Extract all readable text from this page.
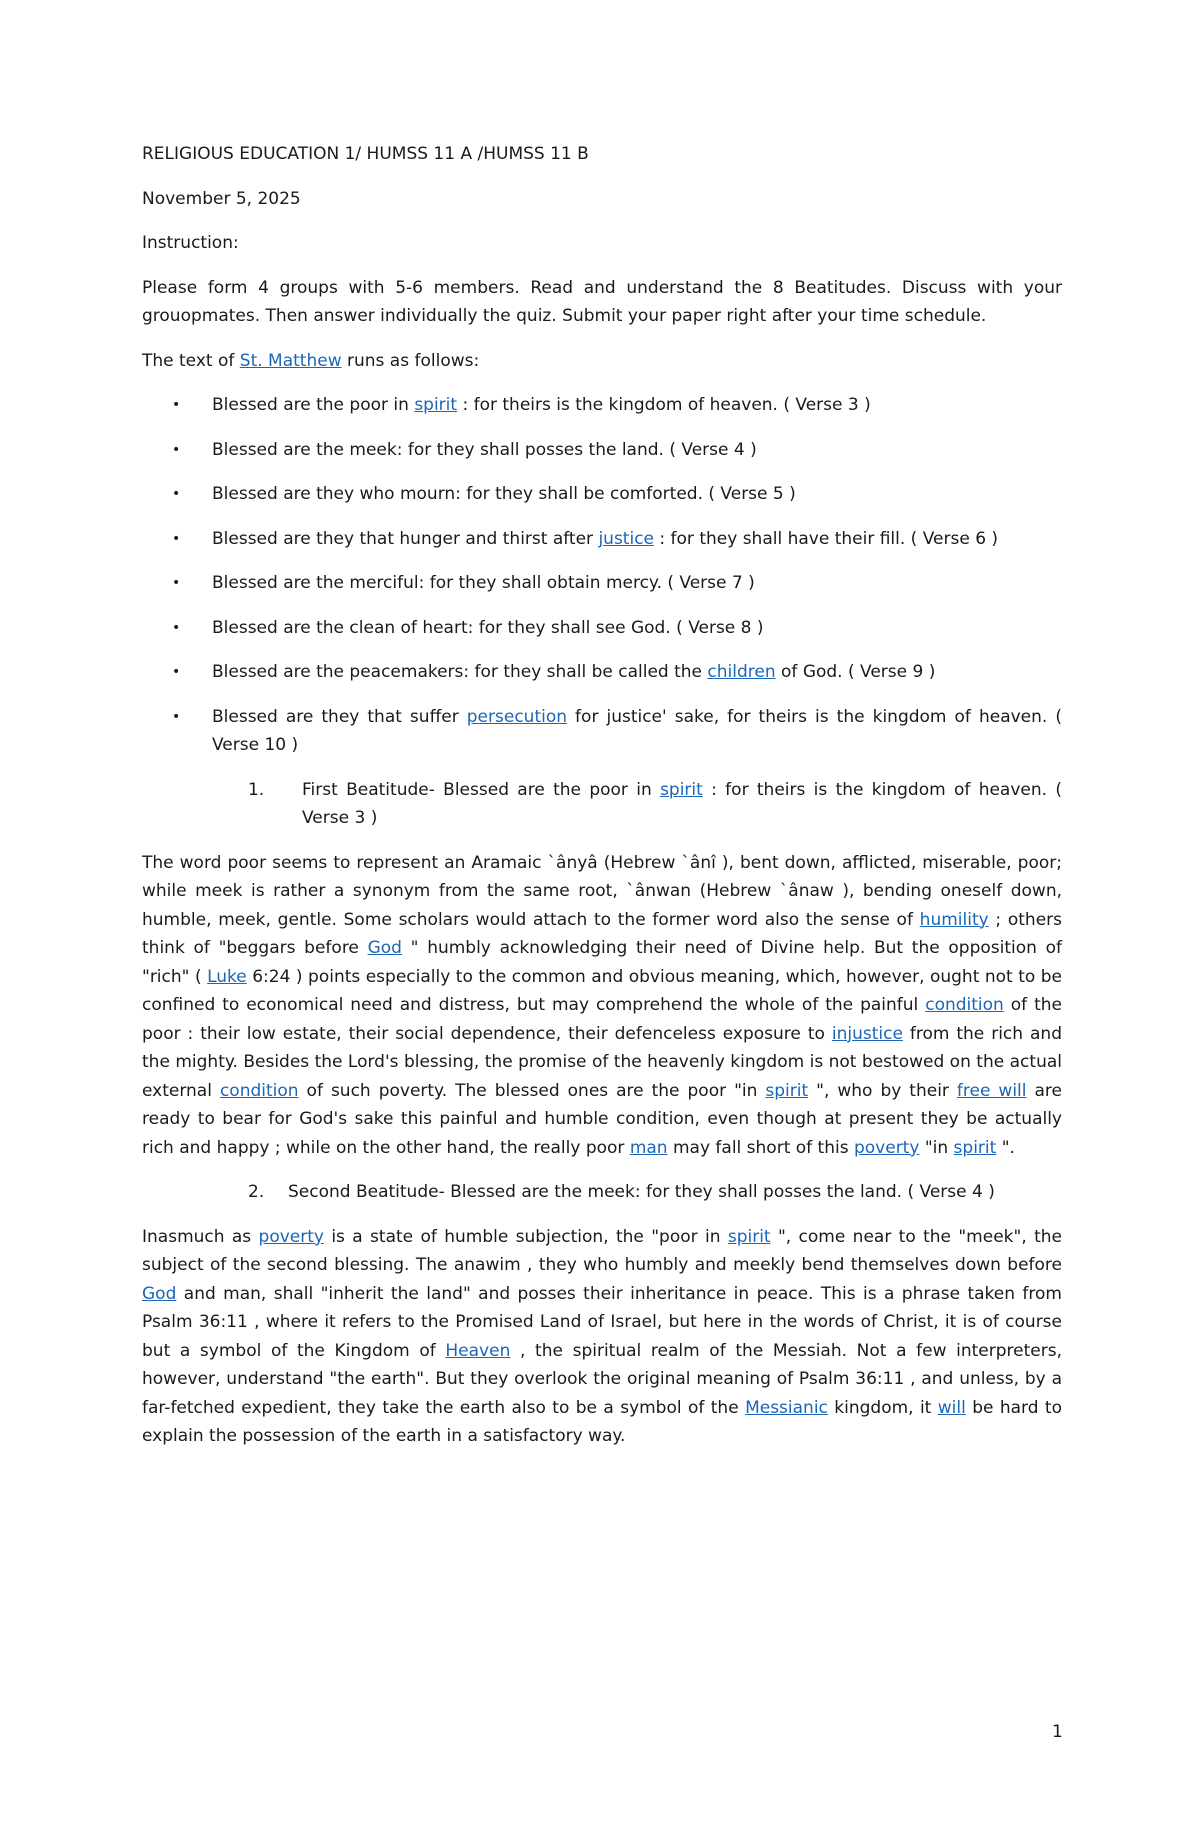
RELIGIOUS EDUCATION 1/ HUMSS 11 A /HUMSS 11 B

November 5, 2025

Instruction:

Please form 4 groups with 5-6 members. Read and understand the 8 Beatitudes. Discuss with your grouopmates. Then answer individually the quiz. Submit your paper right after your time schedule.

The text of St. Matthew runs as follows:

• Blessed are the poor in spirit : for theirs is the kingdom of heaven. ( Verse 3 )
• Blessed are the meek: for they shall posses the land. ( Verse 4 )
• Blessed are they who mourn: for they shall be comforted. ( Verse 5 )
• Blessed are they that hunger and thirst after justice : for they shall have their fill. ( Verse 6 )
• Blessed are the merciful: for they shall obtain mercy. ( Verse 7 )
• Blessed are the clean of heart: for they shall see God. ( Verse 8 )
• Blessed are the peacemakers: for they shall be called the children of God. ( Verse 9 )
• Blessed are they that suffer persecution for justice' sake, for theirs is the kingdom of heaven. ( Verse 10 )
1. First Beatitude- Blessed are the poor in spirit : for theirs is the kingdom of heaven. ( Verse 3 )

The word poor seems to represent an Aramaic `ânyâ (Hebrew `ânî ), bent down, afflicted, miserable, poor; while meek is rather a synonym from the same root, `ânwan (Hebrew `ânaw ), bending oneself down, humble, meek, gentle. Some scholars would attach to the former word also the sense of humility ; others think of "beggars before God " humbly acknowledging their need of Divine help. But the opposition of "rich" ( Luke 6:24 ) points especially to the common and obvious meaning, which, however, ought not to be confined to economical need and distress, but may comprehend the whole of the painful condition of the poor : their low estate, their social dependence, their defenceless exposure to injustice from the rich and the mighty. Besides the Lord's blessing, the promise of the heavenly kingdom is not bestowed on the actual external condition of such poverty. The blessed ones are the poor "in spirit ", who by their free will are ready to bear for God's sake this painful and humble condition, even though at present they be actually rich and happy ; while on the other hand, the really poor man may fall short of this poverty "in spirit ".

2. Second Beatitude- Blessed are the meek: for they shall posses the land. ( Verse 4 )

Inasmuch as poverty is a state of humble subjection, the "poor in spirit ", come near to the "meek", the subject of the second blessing. The anawim , they who humbly and meekly bend themselves down before God and man, shall "inherit the land" and posses their inheritance in peace. This is a phrase taken from Psalm 36:11 , where it refers to the Promised Land of Israel, but here in the words of Christ, it is of course but a symbol of the Kingdom of Heaven , the spiritual realm of the Messiah. Not a few interpreters, however, understand "the earth". But they overlook the original meaning of Psalm 36:11 , and unless, by a far-fetched expedient, they take the earth also to be a symbol of the Messianic kingdom, it will be hard to explain the possession of the earth in a satisfactory way.

1
